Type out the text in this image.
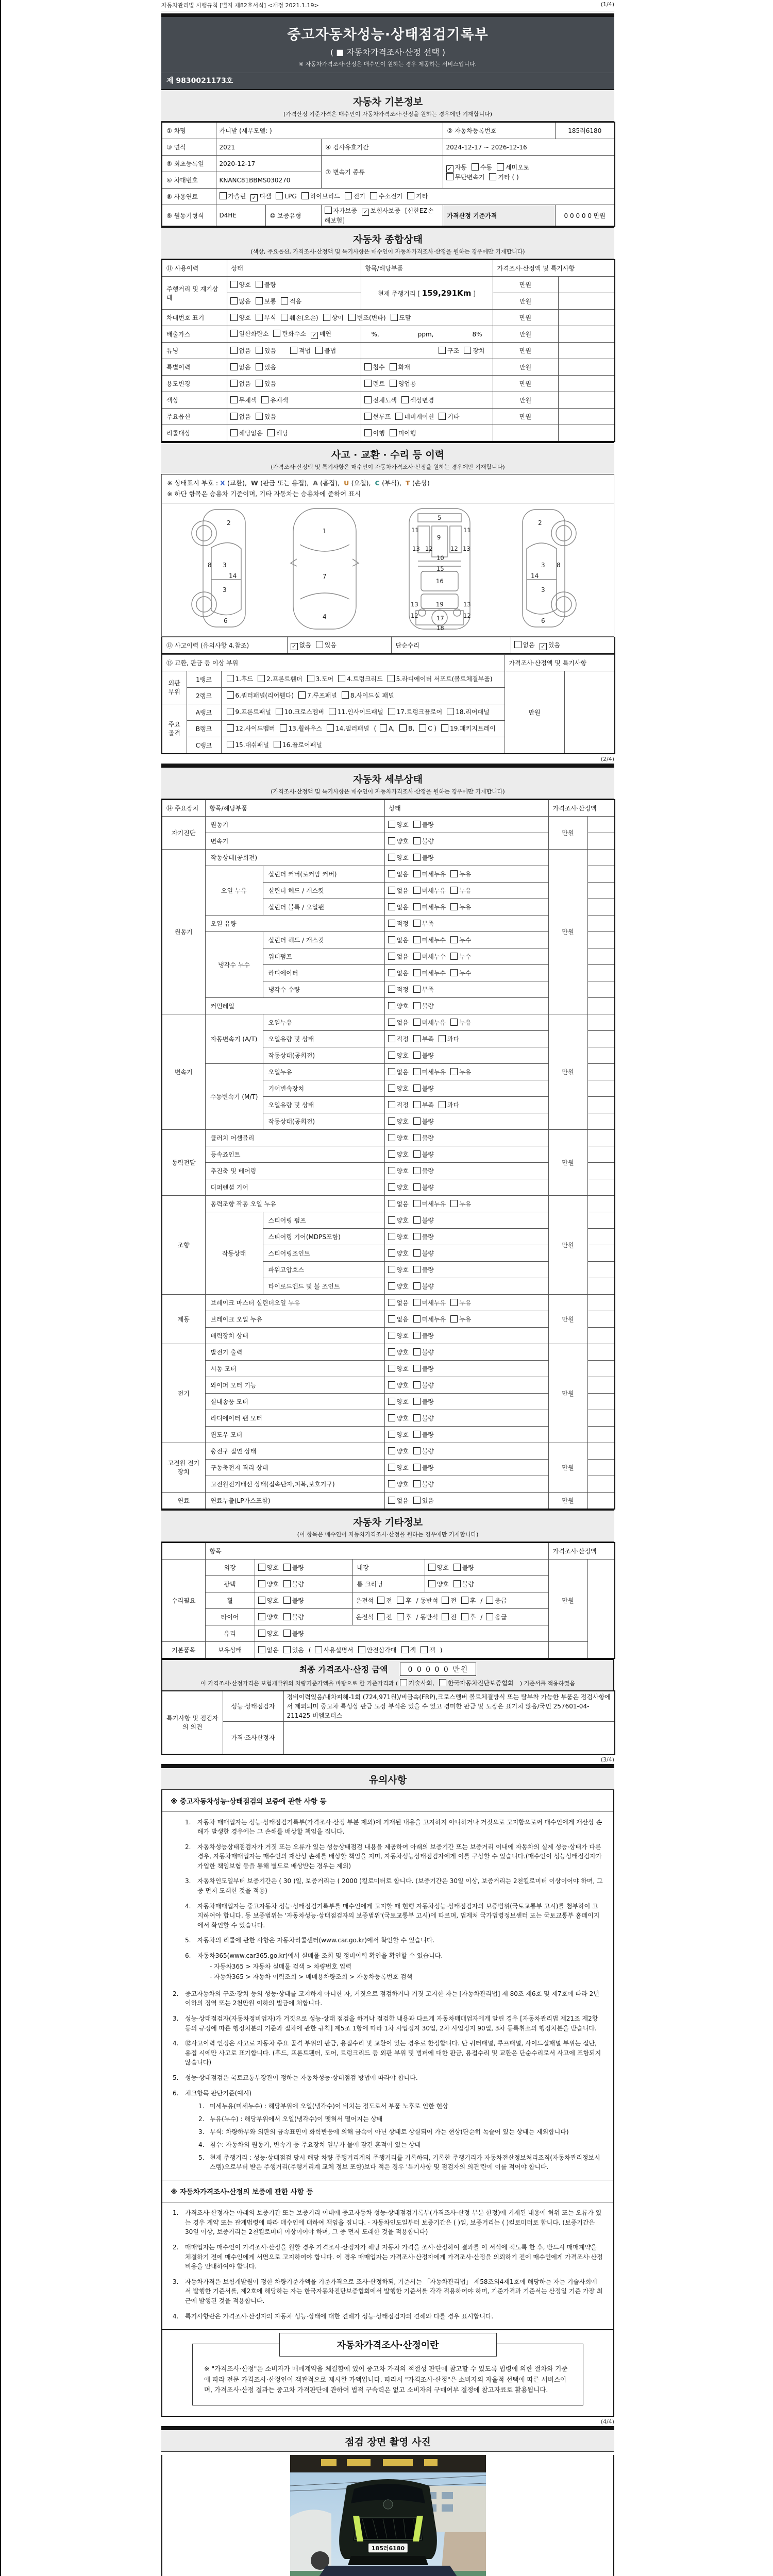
자동차관리법 시행규칙 [별지 제82호서식] <개정 2021.1.19>	(1/4)
중고자동차성능·상태점검기록부
( ■ 자동차가격조사·산정 선택 )
※ 자동차가격조사·산정은 매수인이 원하는 경우 제공하는 서비스입니다.
제 9830021173호
자동차 기본정보
(가격산정 기준가격은 매수인이 자동차가격조사·산정을 원하는 경우에만 기재합니다)
① 차명	카니발 (세부모델: )			② 자동차등록번호	185러6180
③ 연식	2021		④ 검사유효기간	2024-12-17 ~ 2026-12-16	
⑤ 최초등록일	2020-12-17		⑦ 변속기 종류	✓ 자동 수동 세미오토
무단변속기 기타 ( )	

⑥ 차대번호	KNANC81BBMS030270				
⑧ 사용연료	가솔린 ✓ 디젤 LPG 하이브리드 전기 수소전기 기타				
⑨ 원동기형식	D4HE	⑩ 보증유형	자가보증 ✓ 보험사보증 [신한EZ손해보험]	가격산정 기준가격	0 0 0 0 0 만원
자동차 종합상태
(색상, 주요옵션, 가격조사·산정액 및 특기사항은 매수인이 자동차가격조사·산정을 원하는 경우에만 기재합니다)
⑪ 사용이력	상태	항목/해당부품	가격조사·산정액 및 특기사항	
주행거리 및 계기상태	양호 불량	현재 주행거리 [ 159,291Km ]	만원	
	많음 보통 적음		만원	
차대번호 표기	양호 부식 훼손(오손) 상이 변조(변타) 도말		만원	
배출가스	일산화탄소 탄화수소 ✓ 매연	%, ppm, 8%	만원	
튜닝	없음 있음 적법 불법	구조 장치	만원	
특별이력	없음 있음	침수 화재	만원	
용도변경	없음 있음	렌트 영업용	만원	
색상	무채색 유채색	전체도색 색상변경	만원	
주요옵션	없음 있음	썬루프 네비게이션 기타	만원	
리콜대상	해당없음 해당	이행 미이행		
사고 · 교환 · 수리 등 이력
(가격조사·산정액 및 특기사항은 매수인이 자동차가격조사·산정을 원하는 경우에만 기재합니다)
※ 상태표시 부호 : X (교환), W (판금 또는 용접), A (흠집), U (요철), C (부식), T (손상)
※ 하단 항목은 승용차 기준이며, 기타 자동차는 승용차에 준하여 표시
2
8 3
14
3
6
1
7
4
5
11
9
11
13 12	12 13
10
15
16
13	19	13
12	17	12
18
2
3 8
14
3
6
⑫ 사고이력 (유의사항 4.참조)	✓ 없음 있음	단순수리	없음 ✓ 있음
⑬ 교환, 판금 등 이상 부위			가격조사·산정액 및 특기사항	
외판 부위	1랭크	1.후드 2.프론트휀더 3.도어 4.트렁크리드 5.라디에이터 서포트(볼트체결부품)	만원	
	2랭크	6.쿼터패널(리어휀다) 7.루프패널 8.사이드실 패널		
주요 골격	A랭크	9.프론트패널 10.크로스멤버 11.인사이드패널 17.트렁크플로어 18.리어패널		
	B랭크	12.사이드멤버 13.휠하우스 14.필러패널 ( A, B, C ) 19.패키지트레이		
	C랭크	15.대쉬패널 16.플로어패널		
(2/4)
자동차 세부상태
(가격조사·산정액 및 특기사항은 매수인이 자동차가격조사·산정을 원하는 경우에만 기재합니다)
⑭ 주요장치	항목/해당부품		상태	가격조사·산정액	
자기진단	원동기		양호 불량	만원	
	변속기		양호 불량		
원동기	작동상태(공회전)		양호 불량	만원	
	오일 누유	실린더 커버(로커암 커버)	없음 미세누유 누유		
		실린더 헤드 / 개스킷	없음 미세누유 누유		
		실린더 블록 / 오일팬	없음 미세누유 누유		
	오일 유량		적정 부족		
	냉각수 누수	실린더 헤드 / 개스킷	없음 미세누수 누수		
		워터펌프	없음 미세누수 누수		
		라디에이터	없음 미세누수 누수		
		냉각수 수량	적정 부족		
	커먼레일		양호 불량		
변속기	자동변속기 (A/T)	오일누유	없음 미세누유 누유	만원	
		오일유량 및 상태	적정 부족 과다		
		작동상태(공회전)	양호 불량		
	수동변속기 (M/T)	오일누유	없음 미세누유 누유		
		기어변속장치	양호 불량		
		오일유량 및 상태	적정 부족 과다		
		작동상태(공회전)	양호 불량		
동력전달	클러치 어셈블리		양호 불량	만원	
	등속죠인트		양호 불량		
	추진축 및 베어링		양호 불량		
	디퍼렌셜 기어		양호 불량		
조향	동력조향 작동 오일 누유		없음 미세누유 누유	만원	
	작동상태	스티어링 펌프	양호 불량		
		스티어링 기어(MDPS포함)	양호 불량		
		스티어링조인트	양호 불량		
		파워고압호스	양호 불량		
		타이로드엔드 및 볼 조인트	양호 불량		
제동	브레이크 마스터 실린더오일 누유		없음 미세누유 누유	만원	
	브레이크 오일 누유		없음 미세누유 누유		
	배력장치 상태		양호 불량		
전기	발전기 출력		양호 불량	만원	
	시동 모터		양호 불량		
	와이퍼 모터 기능		양호 불량		
	실내송풍 모터		양호 불량		
	라디에이터 팬 모터		양호 불량		
	윈도우 모터		양호 불량		
고전원 전기장치	충전구 절연 상태		양호 불량	만원	
	구동축전지 격리 상태		양호 불량		
	고전원전기배선 상태(접속단자,피복,보호기구)		양호 불량		
연료	연료누출(LP가스포함)		없음 있음	만원	
자동차 기타정보
(이 항목은 매수인이 자동차가격조사·산정을 원하는 경우에만 기재합니다)
	항목				가격조사·산정액	
수리필요	외장	양호 불량	내장	양호 불량	만원	
	광택	양호 불량	룸 크리닝	양호 불량		
	휠	양호 불량	운전석 전 후 / 동반석 전 후 / 응급			
	타이어	양호 불량	운전석 전 후 / 동반석 전 후 / 응급			
	유리	양호 불량				
기본품목	보유상태	없음 있음 ( 사용설명서 안전삼각대 잭 잭 )				
최종 가격조사·산정 금액	0 0 0 0 0 만원
이 가격조사·산정가격은 보험개발원의 차량기준가액을 바탕으로 한 기준가격과 ( 기술사회, 한국자동차진단보증협회 ) 기준서를 적용하였음
특기사항 및 점검자의 의견	성능·상태점검자	정비이력있음/내차피해-1회 (724,971원)/비금속(FRP),크로스멤버 볼트체결방식 또는 탈부착 가능한 부품은 점검사항에서 제외되며 중고차 특성상 판금 도장 부식은 있을 수 있고 경미한 판금 및 도장은 표기치 않음/국민 257601-04-211425 비엠모터스
	가격·조사산정자	
(3/4)
유의사항
※ 중고자동차성능·상태점검의 보증에 관한 사항 등
1.	자동차 매매업자는 성능·상태점검기록부(가격조사·산정 부분 제외)에 기재된 내용을 고지하지 아니하거나 거짓으로 고지함으로써 매수인에게 재산상 손해가 발생한 경우에는 그 손해를 배상할 책임을 집니다.
2.	자동차성능상태점검자가 거짓 또는 오류가 있는 성능상태점검 내용을 제공하여 아래의 보증기간 또는 보증거리 이내에 자동차의 실제 성능·상태가 다른 경우, 자동차매매업자는 매수인의 재산상 손해를 배상할 책임을 지며, 자동차성능상태점검자에게 이를 구상할 수 있습니다.(매수인이 성능상태점검자가 가입한 책임보험 등을 통해 별도로 배상받는 경우는 제외)
3.	자동차인도일부터 보증기간은 ( 30 )일, 보증거리는 ( 2000 )킬로미터로 합니다. (보증기간은 30일 이상, 보증거리는 2천킬로미터 이상이어야 하며, 그 중 먼저 도래한 것을 적용)
4.	자동차매매업자는 중고자동차 성능·상태점검기록부를 매수인에게 고지할 때 현행 자동차성능·상태점검자의 보증범위(국토교통부 고시)를 첨부하여 고지하여야 합니다. 동 보증범위는 '자동차성능·상태점검자의 보증범위'(국토교통부 고시)에 따르며, 법제처 국가법령정보센터 또는 국토교통부 홈페이지에서 확인할 수 있습니다.
5.	자동차의 리콜에 관한 사항은 자동차리콜센터(www.car.go.kr)에서 확인할 수 있습니다.
6.	자동차365(www.car365.go.kr)에서 실매물 조회 및 정비이력 확인을 확인할 수 있습니다.
- 자동차365 > 자동차 실매물 검색 > 차량번호 입력
- 자동차365 > 자동차 이력조회 > 매매용차량조회 > 자동차등록번호 검색
2.	중고자동차의 구조·장치 등의 성능·상태를 고지하지 아니한 자, 거짓으로 점검하거나 거짓 고지한 자는 [자동차관리법] 제 80조 제6호 및 제7호에 따라 2년 이하의 징역 또는 2천만원 이하의 벌금에 처합니다.
3.	성능·상태점검자(자동차정비업자)가 거짓으로 성능·상태 점검을 하거나 점검한 내용과 다르게 자동차매매업자에게 알린 경우 [자동차관리법 제21조 제2항 등의 규정에 따른 행정처분의 기준과 절차에 관한 규칙] 제5조 1항에 따라 1차 사업정지 30일, 2차 사업정지 90일, 3차 등록취소의 행정처분을 받습니다.
4.	⑫사고이력 인정은 사고로 자동차 주요 골격 부위의 판금, 용접수리 및 교환이 있는 경우로 한정합니다. 단 쿼터패널, 루프패널, 사이드실패널 부위는 절단, 용접 시에만 사고로 표기합니다. (후드, 프론트펜더, 도어, 트렁크리드 등 외판 부위 및 범퍼에 대한 판금, 용접수리 및 교환은 단순수리로서 사고에 포함되지 않습니다)
5.	성능·상태점검은 국토교통부장관이 정하는 자동차성능·상태점검 방법에 따라야 합니다.
6.	체크항목 판단기준(예시)
1. 미세누유(미세누수) : 해당부위에 오일(냉각수)이 비치는 정도로서 부품 노후로 인한 현상
2. 누유(누수) : 해당부위에서 오일(냉각수)이 맺혀서 떨어지는 상태
3. 부식: 차량하부와 외판의 금속표면이 화학반응에 의해 금속이 아닌 상태로 상실되어 가는 현상(단순히 녹슬어 있는 상태는 제외합니다)
4. 침수: 자동차의 원동기, 변속기 등 주요장치 일부가 물에 잠긴 흔적이 있는 상태
5. 현재 주행거리 : 성능·상태점검 당시 해당 차량 주행거리계의 주행거리를 기록하되, 기록한 주행거리가 자동차전산정보처리조직(자동차관리정보시스템)으로부터 받은 주행거리(주행거리계 교체 정보 포함)보다 적은 경우 '특기사항 및 점검자의 의견'란에 이를 적어야 합니다.
※ 자동차가격조사·산정의 보증에 관한 사항 등
1.	가격조사·산정자는 아래의 보증기간 또는 보증거리 이내에 중고자동차 성능·상태점검기록부(가격조사·산정 부분 한정)에 기재된 내용에 허위 또는 오류가 있는 경우 계약 또는 관계법령에 따라 매수인에 대하여 책임을 집니다. · 자동차인도일부터 보증기간은 ( )일, 보증거리는 ( )킬로미터로 합니다. (보증기간은 30일 이상, 보증거리는 2천킬로미터 이상이어야 하며, 그 중 먼저 도래한 것을 적용합니다)
2.	매매업자는 매수인이 가격조사·산정을 원할 경우 가격조사·산정자가 해당 자동차 가격을 조사·산정하여 결과를 이 서식에 적도록 한 후, 반드시 매매계약을 체결하기 전에 매수인에게 서면으로 고지하여야 합니다. 이 경우 매매업자는 가격조사·산정자에게 가격조사·산정을 의뢰하기 전에 매수인에게 가격조사·산정 비용을 안내하여야 합니다.
3.	자동차가격은 보험개발원이 정한 차량기준가액을 기준가격으로 조사·산정하되, 기준서는 「자동차관리법」 제58조의4제1호에 해당하는 자는 기술사회에서 발행한 기준서를, 제2호에 해당하는 자는 한국자동차진단보증협회에서 발행한 기준서를 각각 적용하여야 하며, 기준가격과 기준서는 산정일 기준 가장 최근에 발행된 것을 적용합니다.
4.	특기사항란은 가격조사·산정자의 자동차 성능·상태에 대한 견해가 성능·상태점검자의 견해와 다를 경우 표시합니다.
자동차가격조사·산정이란
※ "가격조사·산정"은 소비자가 매매계약을 체결함에 있어 중고차 가격의 적절성 판단에 참고할 수 있도록 법령에 의한 절차와 기준에 따라 전문 가격조사·산정인이 객관적으로 제시한 가액입니다. 따라서 "가격조사·산정"은 소비자의 자율적 선택에 따른 서비스이며, 가격조사·산정 결과는 중고차 가격판단에 관하여 법적 구속력은 없고 소비자의 구매여부 결정에 참고자료로 활용됩니다.
(4/4)
점검 장면 촬영 사진
185러6180
